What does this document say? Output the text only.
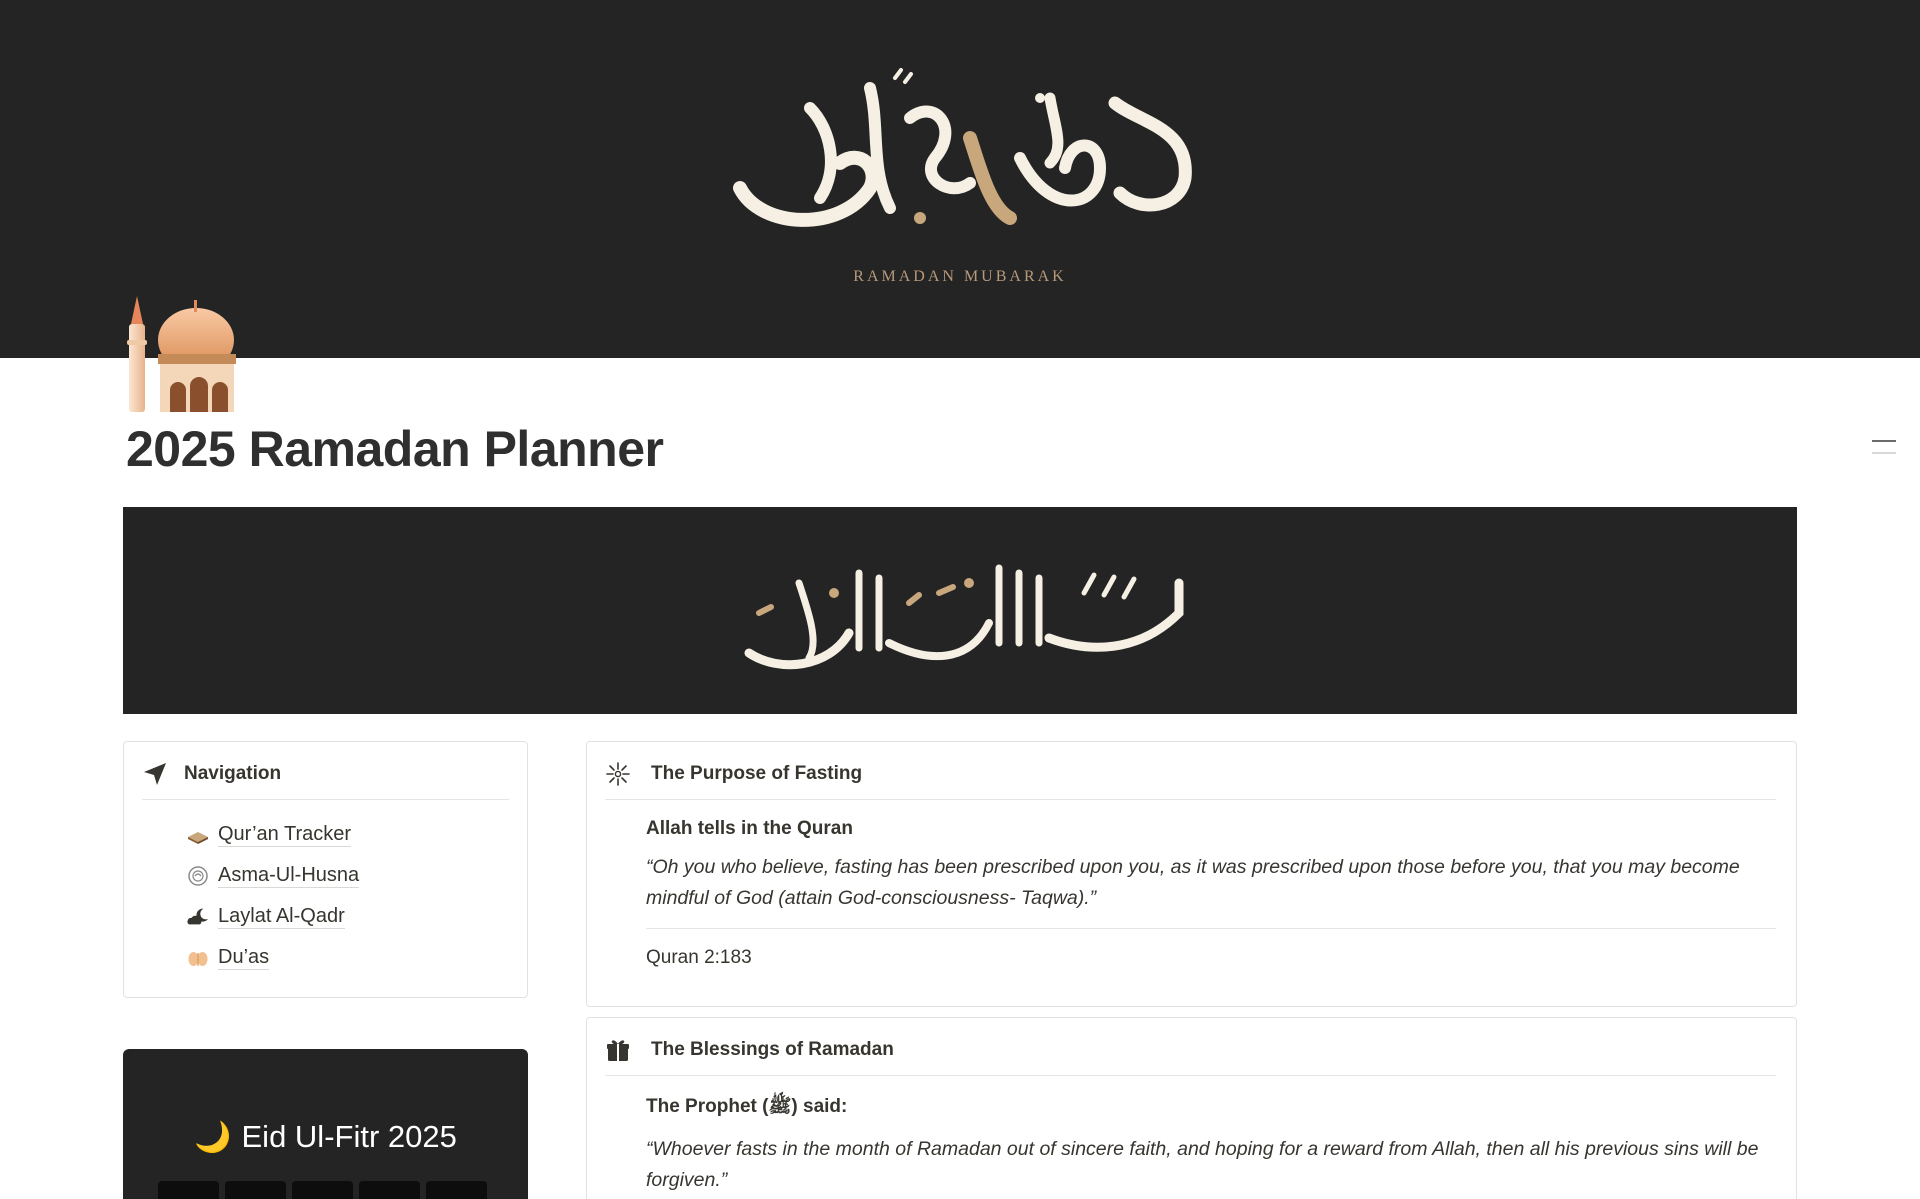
RAMADAN MUBARAK
2025 Ramadan Planner
Navigation
Qur’an Tracker
Asma-Ul-Husna
Laylat Al-Qadr
Du’as
🌙 Eid Ul-Fitr 2025
The Purpose of Fasting
Allah tells in the Quran
“Oh you who believe, fasting has been prescribed upon you, as it was prescribed upon those before you, that you may become mindful of God (attain God-consciousness- Taqwa).”
Quran 2:183
The Blessings of Ramadan
The Prophet (ﷺ) said:
“Whoever fasts in the month of Ramadan out of sincere faith, and hoping for a reward from Allah, then all his previous sins will be forgiven.”
